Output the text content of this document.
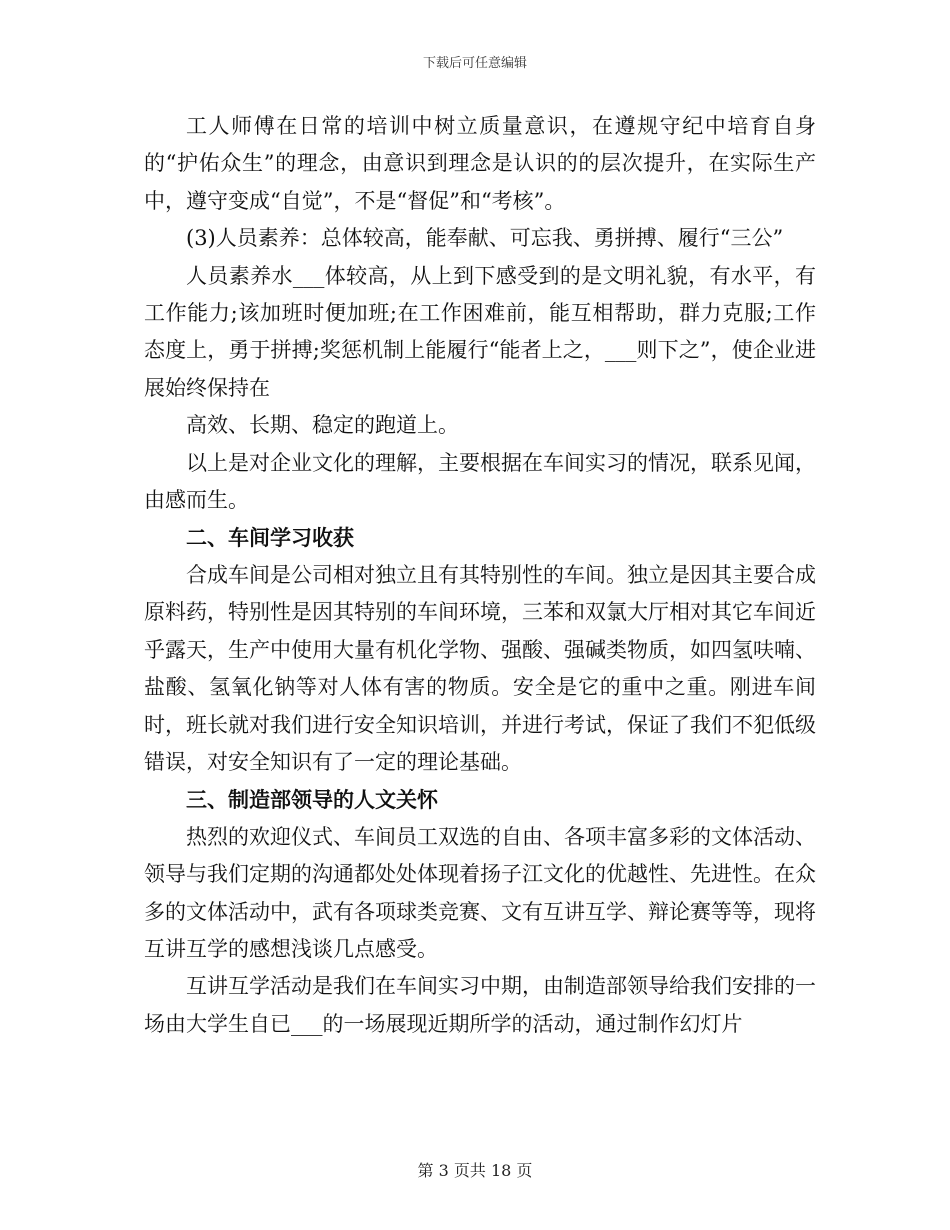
下载后可任意编辑

工人师傅在日常的培训中树立质量意识，在遵规守纪中培育自身的“护佑众生”的理念，由意识到理念是认识的的层次提升，在实际生产中，遵守变成“自觉”，不是“督促”和“考核”。

(3)人员素养：总体较高，能奉献、可忘我、勇拼搏、履行“三公”

人员素养水___体较高，从上到下感受到的是文明礼貌，有水平，有工作能力;该加班时便加班;在工作困难前，能互相帮助，群力克服;工作态度上，勇于拼搏;奖惩机制上能履行“能者上之，___则下之”，使企业进展始终保持在

高效、长期、稳定的跑道上。

以上是对企业文化的理解，主要根据在车间实习的情况，联系见闻，由感而生。

二、车间学习收获

合成车间是公司相对独立且有其特别性的车间。独立是因其主要合成原料药，特别性是因其特别的车间环境，三苯和双氯大厅相对其它车间近乎露天，生产中使用大量有机化学物、强酸、强碱类物质，如四氢呋喃、盐酸、氢氧化钠等对人体有害的物质。安全是它的重中之重。刚进车间时，班长就对我们进行安全知识培训，并进行考试，保证了我们不犯低级错误，对安全知识有了一定的理论基础。

三、制造部领导的人文关怀

热烈的欢迎仪式、车间员工双选的自由、各项丰富多彩的文体活动、领导与我们定期的沟通都处处体现着扬子江文化的优越性、先进性。在众多的文体活动中，武有各项球类竞赛、文有互讲互学、辩论赛等等，现将互讲互学的感想浅谈几点感受。

互讲互学活动是我们在车间实习中期，由制造部领导给我们安排的一场由大学生自已___的一场展现近期所学的活动，通过制作幻灯片

第 3 页共 18 页
